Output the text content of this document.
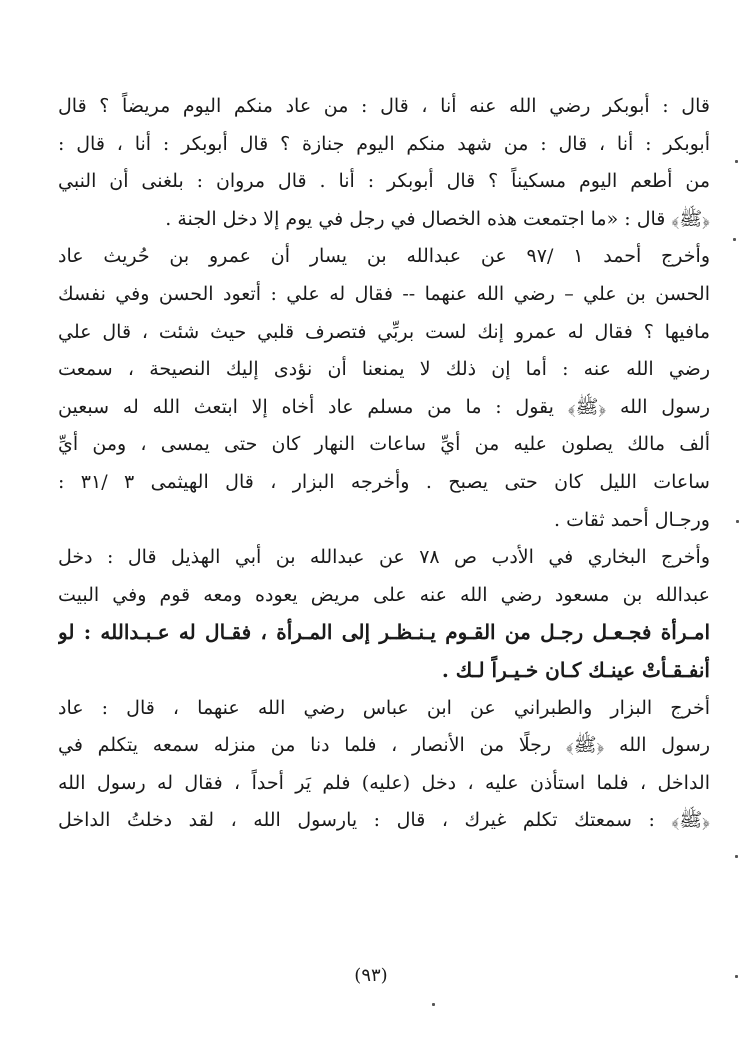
قال : أبوبكر رضي الله عنه أنا ، قال : من عاد منكم اليوم مريضاً ؟ قال
أبوبكر : أنا ، قال : من شهد منكم اليوم جنازة ؟ قال أبوبكر : أنا ، قال :
من أطعم اليوم مسكيناً ؟ قال أبوبكر : أنا . قال مروان : بلغنى أن النبي
﴿ﷺ﴾ قال : «ما اجتمعت هذه الخصال في رجل في يوم إلا دخل الجنة .
وأخرج أحمد ١ /٩٧ عن عبدالله بن يسار أن عمرو بن حُريث عاد
الحسن بن علي – رضي الله عنهما -- فقال له علي : أتعود الحسن وفي نفسك
مافيها ؟ فقال له عمرو إنك لست بربِّي فتصرف قلبي حيث شئت ، قال علي
رضي الله عنه : أما إن ذلك لا يمنعنا أن نؤدى إليك النصيحة ، سمعت
رسول الله ﴿ﷺ﴾ يقول : ما من مسلم عاد أخاه إلا ابتعث الله له سبعين
ألف مالك يصلون عليه من أيِّ ساعات النهار كان حتى يمسى ، ومن أيِّ
ساعات الليل كان حتى يصبح . وأخرجه البزار ، قال الهيثمى ٣ /٣١ :
ورجـال أحمد ثقات .
وأخرج البخاري في الأدب ص ٧٨ عن عبدالله بن أبي الهذيل قال : دخل
عبدالله بن مسعود رضي الله عنه على مريض يعوده ومعه قوم وفي البيت
امـرأة فجـعـل رجـل من القـوم يـنـظـر إلى المـرأة ، فقـال له عـبـدالله : لو
أنفـقـأتْ عينـك كـان خـيـراً لـك .
أخرج البزار والطبراني عن ابن عباس رضي الله عنهما ، قال : عاد
رسول الله ﴿ﷺ﴾ رجلًا من الأنصار ، فلما دنا من منزله سمعه يتكلم في
الداخل ، فلما استأذن عليه ، دخل (عليه) فلم يَر أحداً ، فقال له رسول الله
﴿ﷺ﴾ : سمعتك تكلم غيرك ، قال : يارسول الله ، لقد دخلتُ الداخل
(٩٣)
